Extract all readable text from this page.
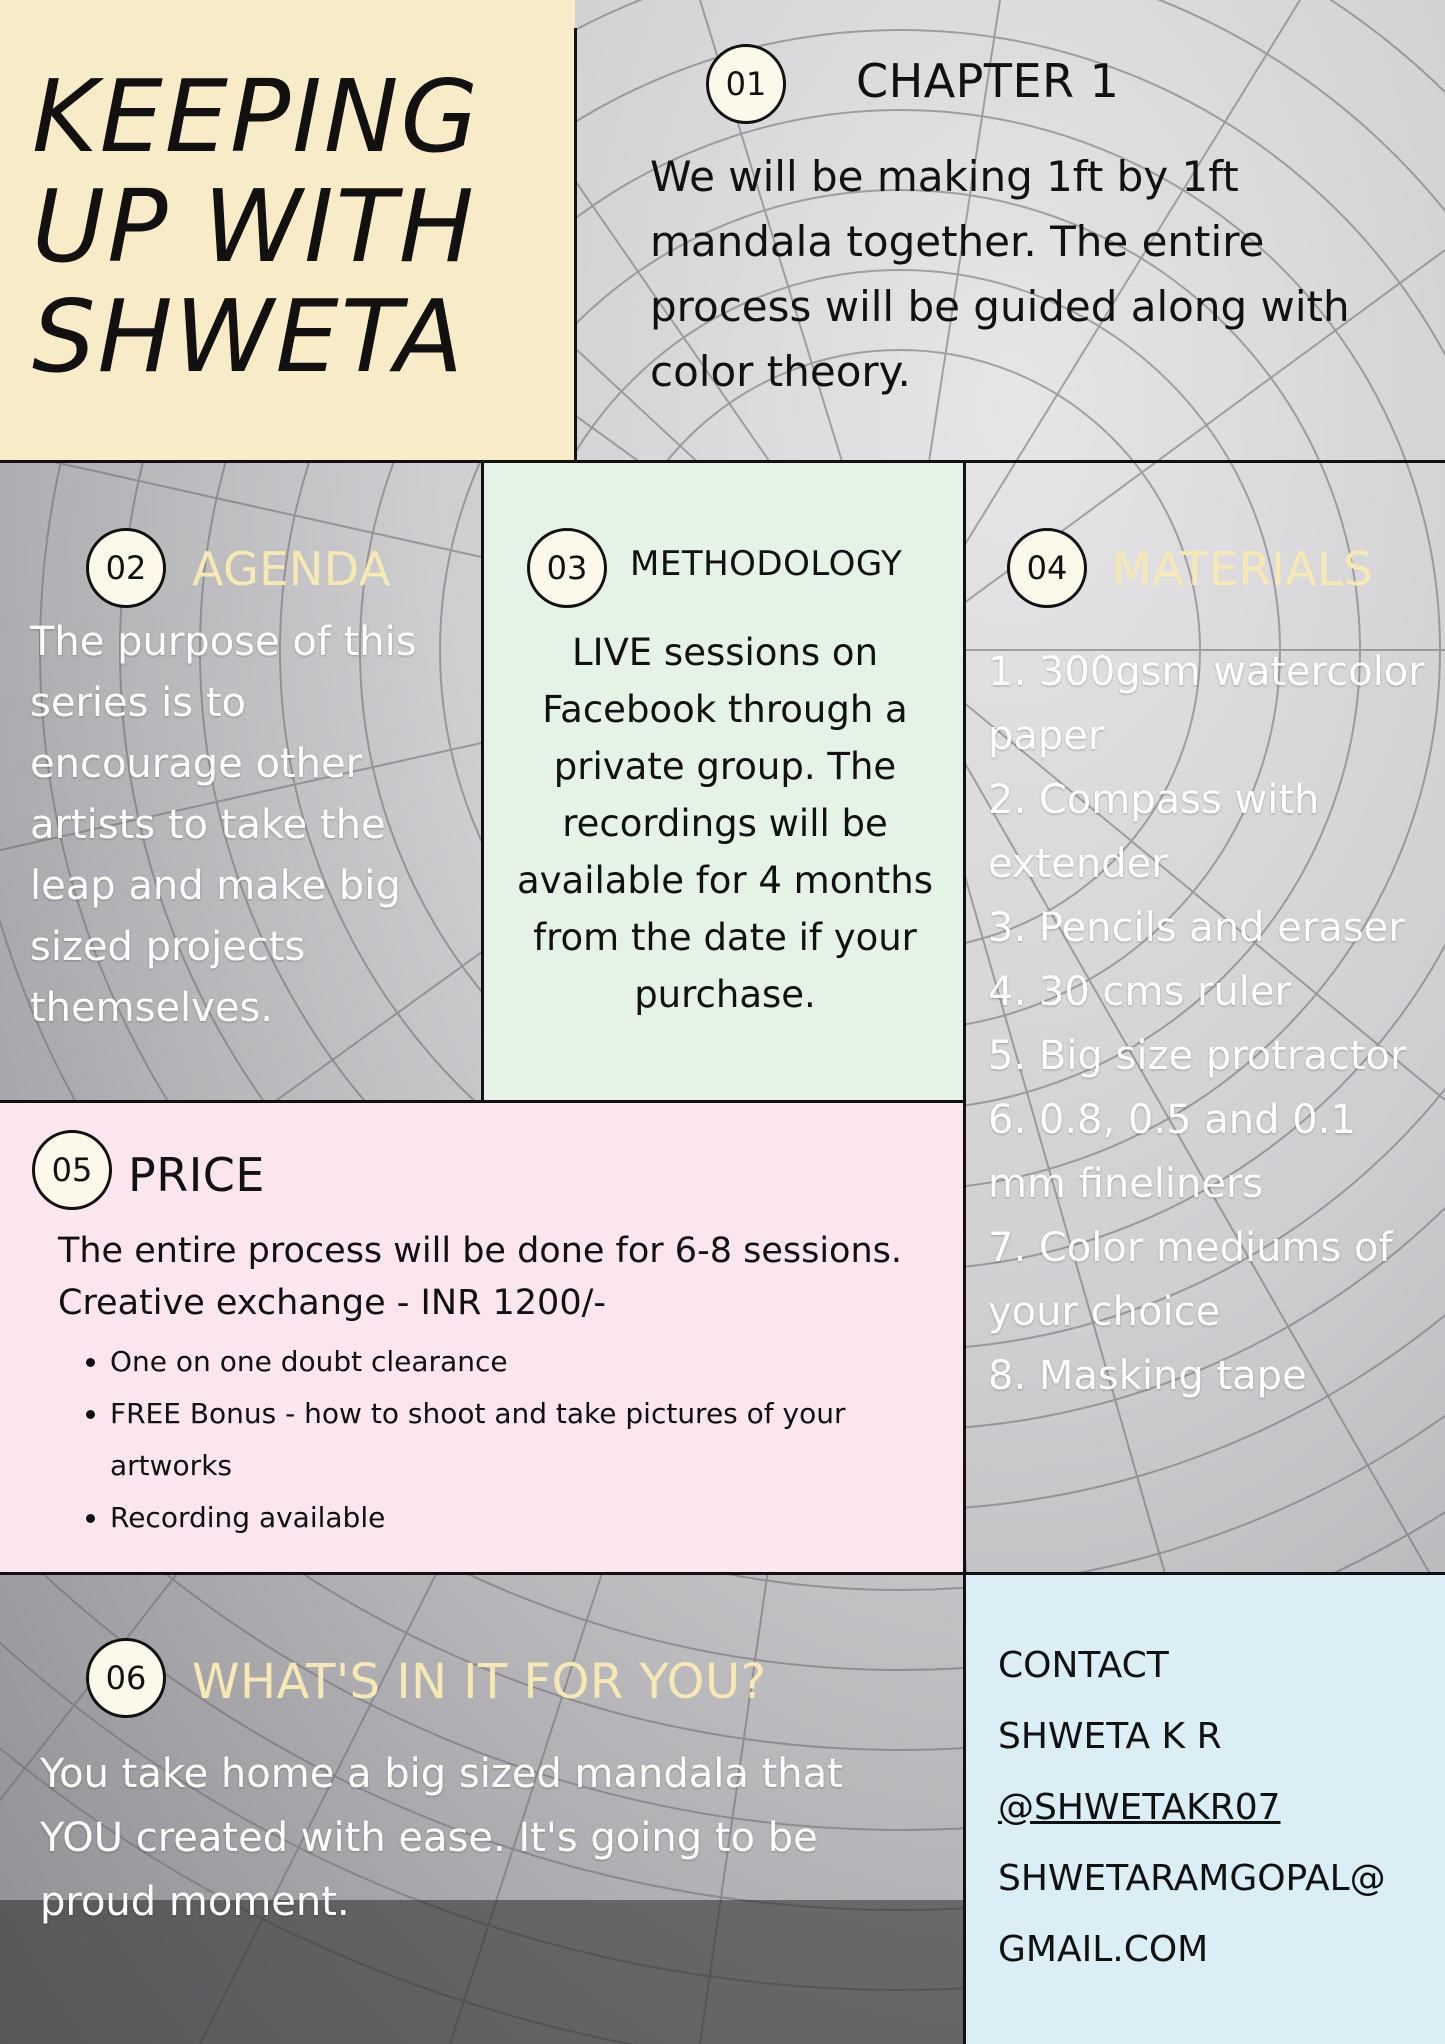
KEEPING
UP WITH
SHWETA
01	CHAPTER 1
We will be making 1ft by 1ft mandala together. The entire process will be guided along with color theory.
02 AGENDA
The purpose of this series is to encourage other artists to take the leap and make big sized projects themselves.
03	METHODOLOGY
LIVE sessions on Facebook through a private group. The recordings will be available for 4 months from the date if your purchase.
04 MATERIALS
1. 300gsm watercolor paper
2. Compass with extender
3. Pencils and eraser
4. 30 cms ruler
5. Big size protractor
6. 0.8, 0.5 and 0.1 mm fineliners
7. Color mediums of your choice
8. Masking tape
05 PRICE
The entire process will be done for 6-8 sessions.
Creative exchange - INR 1200/-
• One on one doubt clearance
• FREE Bonus - how to shoot and take pictures of your artworks
• Recording available
06 WHAT'S IN IT FOR YOU?
You take home a big sized mandala that YOU created with ease. It's going to be proud moment.
CONTACT
SHWETA K R
@SHWETAKR07
SHWETARAMGOPAL@
GMAIL.COM
